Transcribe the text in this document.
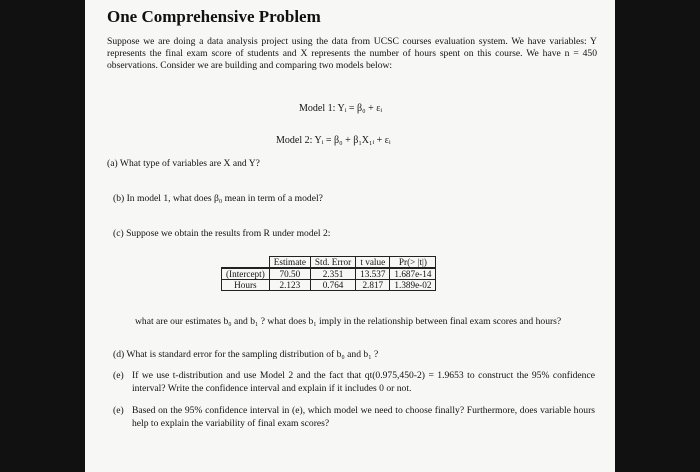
One Comprehensive Problem
Suppose we are doing a data analysis project using the data from UCSC courses evaluation system. We have variables: Y represents the final exam score of students and X represents the number of hours spent on this course. We have n = 450 observations. Consider we are building and comparing two models below:
Model 1: Yᵢ = β₀ + εᵢ
Model 2: Yᵢ = β₀ + β₁X₁ᵢ + εᵢ
(a) What type of variables are X and Y?
(b) In model 1, what does β₀ mean in term of a model?
(c) Suppose we obtain the results from R under model 2:
	Estimate	Std. Error	t value	Pr(> |t|)
(Intercept)	70.50	2.351	13.537	1.687e-14
Hours	2.123	0.764	2.817	1.389e-02
what are our estimates b₀ and b₁ ? what does b₁ imply in the relationship between final exam scores and hours?
(d) What is standard error for the sampling distribution of b₀ and b₁ ?
(e) If we use t-distribution and use Model 2 and the fact that qt(0.975,450-2) = 1.9653 to construct the 95% confidence interval? Write the confidence interval and explain if it includes 0 or not.
(e) Based on the 95% confidence interval in (e), which model we need to choose finally? Furthermore, does variable hours help to explain the variability of final exam scores?
